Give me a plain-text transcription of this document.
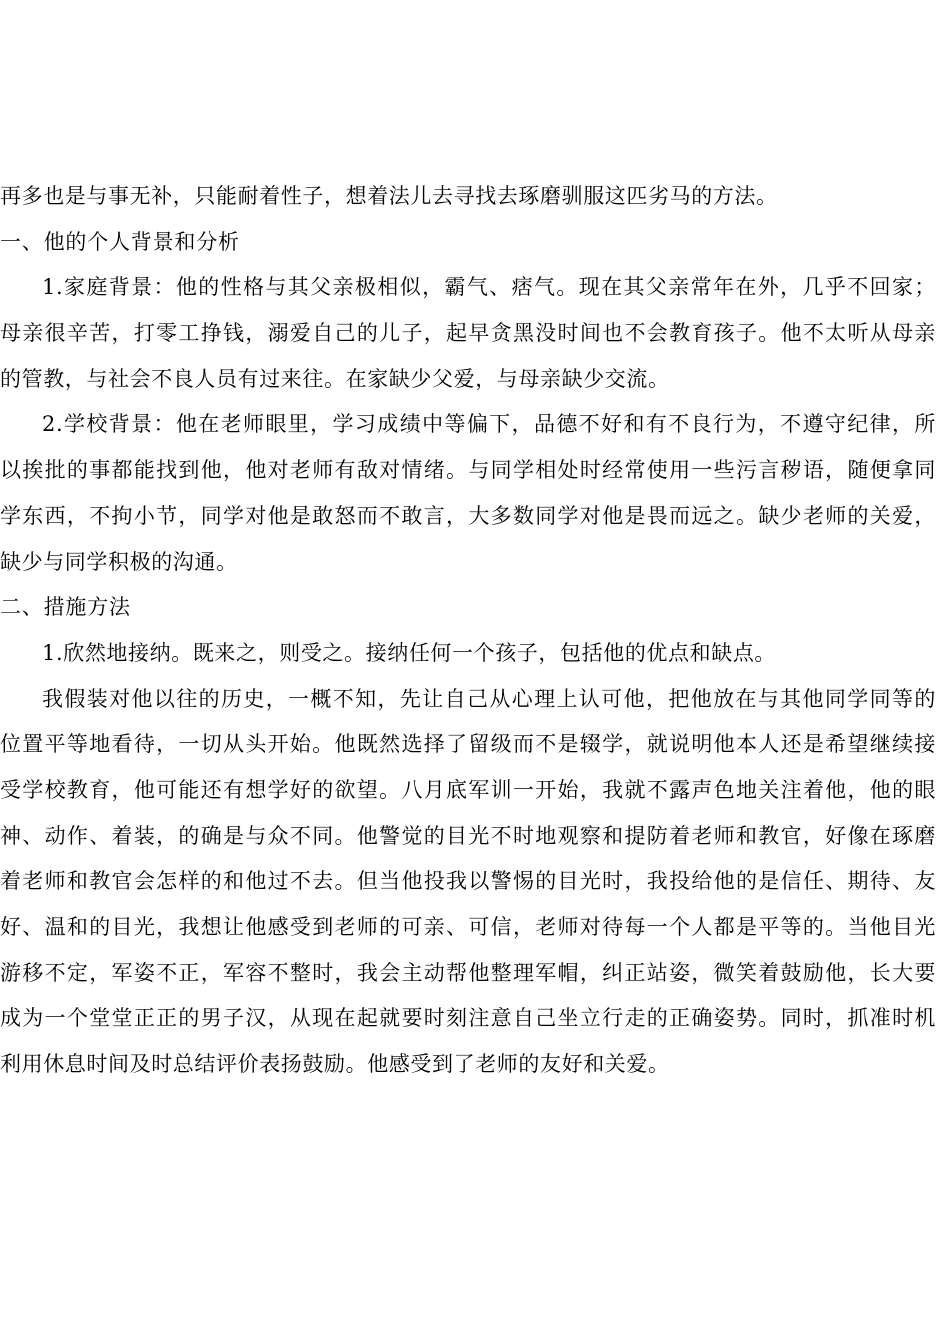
再多也是与事无补，只能耐着性子，想着法儿去寻找去琢磨驯服这匹劣马的方法。
一、他的个人背景和分析
1.家庭背景：他的性格与其父亲极相似，霸气、痞气。现在其父亲常年在外，几乎不回家；
母亲很辛苦，打零工挣钱，溺爱自己的儿子，起早贪黑没时间也不会教育孩子。他不太听从母亲
的管教，与社会不良人员有过来往。在家缺少父爱，与母亲缺少交流。
2.学校背景：他在老师眼里，学习成绩中等偏下，品德不好和有不良行为，不遵守纪律，所
以挨批的事都能找到他，他对老师有敌对情绪。与同学相处时经常使用一些污言秽语，随便拿同
学东西，不拘小节，同学对他是敢怒而不敢言，大多数同学对他是畏而远之。缺少老师的关爱，
缺少与同学积极的沟通。
二、措施方法
1.欣然地接纳。既来之，则受之。接纳任何一个孩子，包括他的优点和缺点。
我假装对他以往的历史，一概不知，先让自己从心理上认可他，把他放在与其他同学同等的
位置平等地看待，一切从头开始。他既然选择了留级而不是辍学，就说明他本人还是希望继续接
受学校教育，他可能还有想学好的欲望。八月底军训一开始，我就不露声色地关注着他，他的眼
神、动作、着装，的确是与众不同。他警觉的目光不时地观察和提防着老师和教官，好像在琢磨
着老师和教官会怎样的和他过不去。但当他投我以警惕的目光时，我投给他的是信任、期待、友
好、温和的目光，我想让他感受到老师的可亲、可信，老师对待每一个人都是平等的。当他目光
游移不定，军姿不正，军容不整时，我会主动帮他整理军帽，纠正站姿，微笑着鼓励他，长大要
成为一个堂堂正正的男子汉，从现在起就要时刻注意自己坐立行走的正确姿势。同时，抓准时机
利用休息时间及时总结评价表扬鼓励。他感受到了老师的友好和关爱。
